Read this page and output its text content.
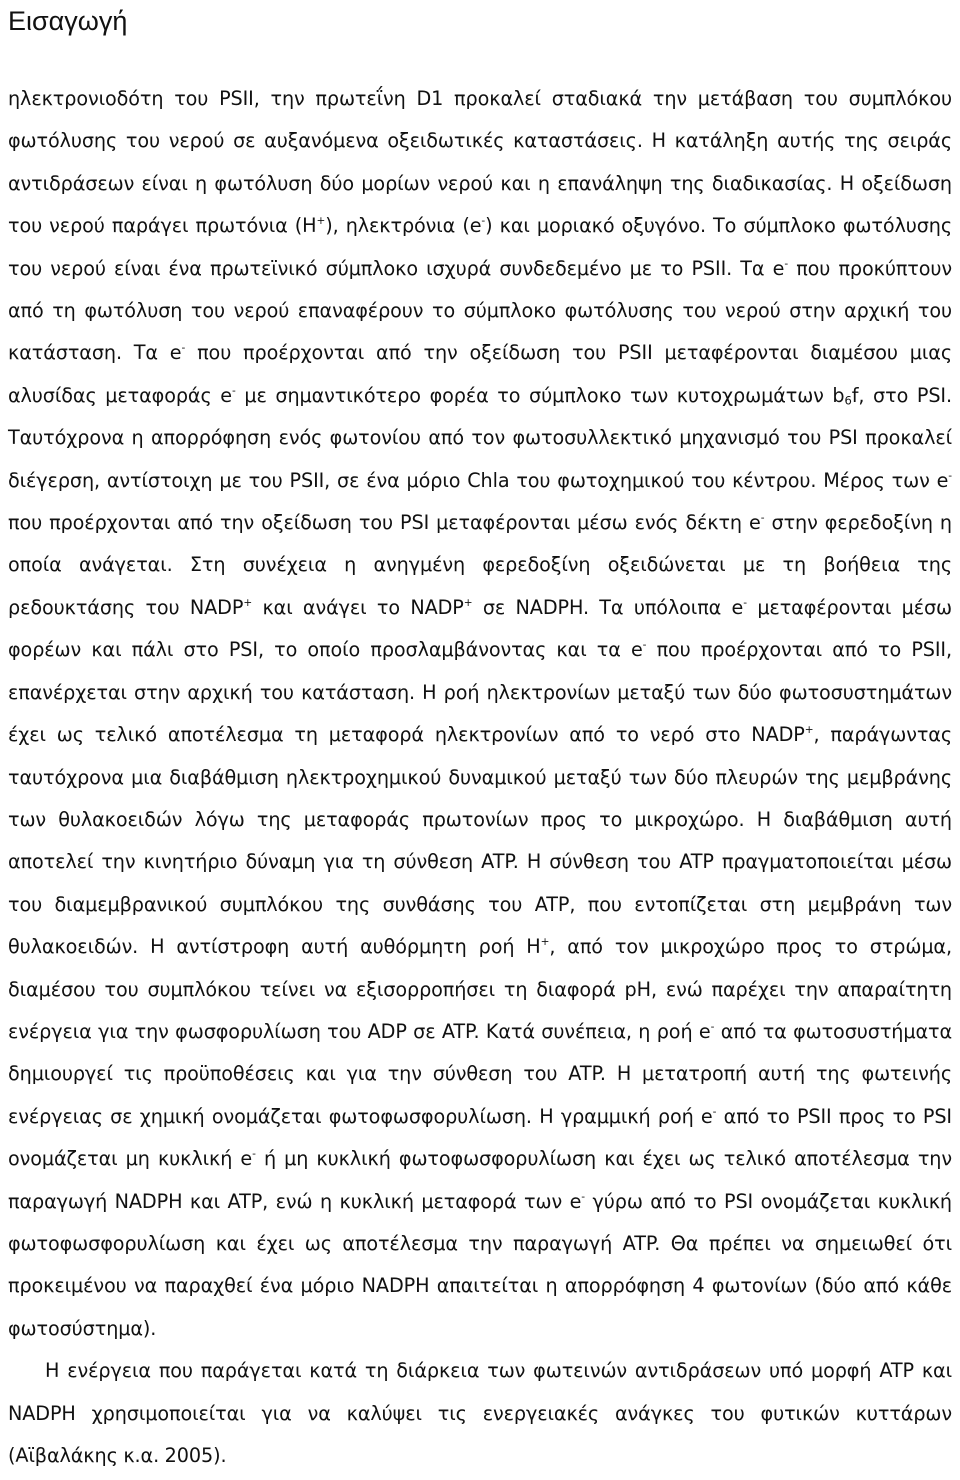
Εισαγωγή

ηλεκτρονιοδότη του PSII, την πρωτεΐνη D1 προκαλεί σταδιακά την μετάβαση του συμπλόκου φωτόλυσης του νερού σε αυξανόμενα οξειδωτικές καταστάσεις. Η κατάληξη αυτής της σειράς αντιδράσεων είναι η φωτόλυση δύο μορίων νερού και η επανάληψη της διαδικασίας. Η οξείδωση του νερού παράγει πρωτόνια (Η+), ηλεκτρόνια (e-) και μοριακό οξυγόνο. Το σύμπλοκο φωτόλυσης του νερού είναι ένα πρωτεϊνικό σύμπλοκο ισχυρά συνδεδεμένο με το PSII. Τα e- που προκύπτουν από τη φωτόλυση του νερού επαναφέρουν το σύμπλοκο φωτόλυσης του νερού στην αρχική του κατάσταση. Τα e- που προέρχονται από την οξείδωση του PSII μεταφέρονται διαμέσου μιας αλυσίδας μεταφοράς e- με σημαντικότερο φορέα το σύμπλοκο των κυτοχρωμάτων $b_6f$, στο PSI. Ταυτόχρονα η απορρόφηση ενός φωτονίου από τον φωτοσυλλεκτικό μηχανισμό του PSI προκαλεί διέγερση, αντίστοιχη με του PSII, σε ένα μόριο Chla του φωτοχημικού του κέντρου. Μέρος των e- που προέρχονται από την οξείδωση του PSI μεταφέρονται μέσω ενός δέκτη e- στην φερεδοξίνη η οποία ανάγεται. Στη συνέχεια η ανηγμένη φερεδοξίνη οξειδώνεται με τη βοήθεια της ρεδουκτάσης του NADP+ και ανάγει το NADP+ σε NADPH. Τα υπόλοιπα e- μεταφέρονται μέσω φορέων και πάλι στο PSI, το οποίο προσλαμβάνοντας και τα e- που προέρχονται από το PSII, επανέρχεται στην αρχική του κατάσταση. Η ροή ηλεκτρονίων μεταξύ των δύο φωτοσυστημάτων έχει ως τελικό αποτέλεσμα τη μεταφορά ηλεκτρονίων από το νερό στο NADP+, παράγωντας ταυτόχρονα μια διαβάθμιση ηλεκτροχημικού δυναμικού μεταξύ των δύο πλευρών της μεμβράνης των θυλακοειδών λόγω της μεταφοράς πρωτονίων προς το μικροχώρο. Η διαβάθμιση αυτή αποτελεί την κινητήριο δύναμη για τη σύνθεση ATP. Η σύνθεση του ATP πραγματοποιείται μέσω του διαμεμβρανικού συμπλόκου της συνθάσης του ATP, που εντοπίζεται στη μεμβράνη των θυλακοειδών. Η αντίστροφη αυτή αυθόρμητη ροή Η+, από τον μικροχώρο προς το στρώμα, διαμέσου του συμπλόκου τείνει να εξισορροπήσει τη διαφορά pH, ενώ παρέχει την απαραίτητη ενέργεια για την φωσφορυλίωση του ADP σε ATP. Κατά συνέπεια, η ροή e- από τα φωτοσυστήματα δημιουργεί τις προϋποθέσεις και για την σύνθεση του ATP. Η μετατροπή αυτή της φωτεινής ενέργειας σε χημική ονομάζεται φωτοφωσφορυλίωση. Η γραμμική ροή e- από το PSII προς το PSI ονομάζεται μη κυκλική e- ή μη κυκλική φωτοφωσφορυλίωση και έχει ως τελικό αποτέλεσμα την παραγωγή NADPH και ATP, ενώ η κυκλική μεταφορά των e- γύρω από το PSI ονομάζεται κυκλική φωτοφωσφορυλίωση και έχει ως αποτέλεσμα την παραγωγή ATP. Θα πρέπει να σημειωθεί ότι προκειμένου να παραχθεί ένα μόριο NADPH απαιτείται η απορρόφηση 4 φωτονίων (δύο από κάθε φωτοσύστημα).

Η ενέργεια που παράγεται κατά τη διάρκεια των φωτεινών αντιδράσεων υπό μορφή ATP και NADPH χρησιμοποιείται για να καλύψει τις ενεργειακές ανάγκες του φυτικών κυττάρων (Αϊβαλάκης κ.α. 2005).
